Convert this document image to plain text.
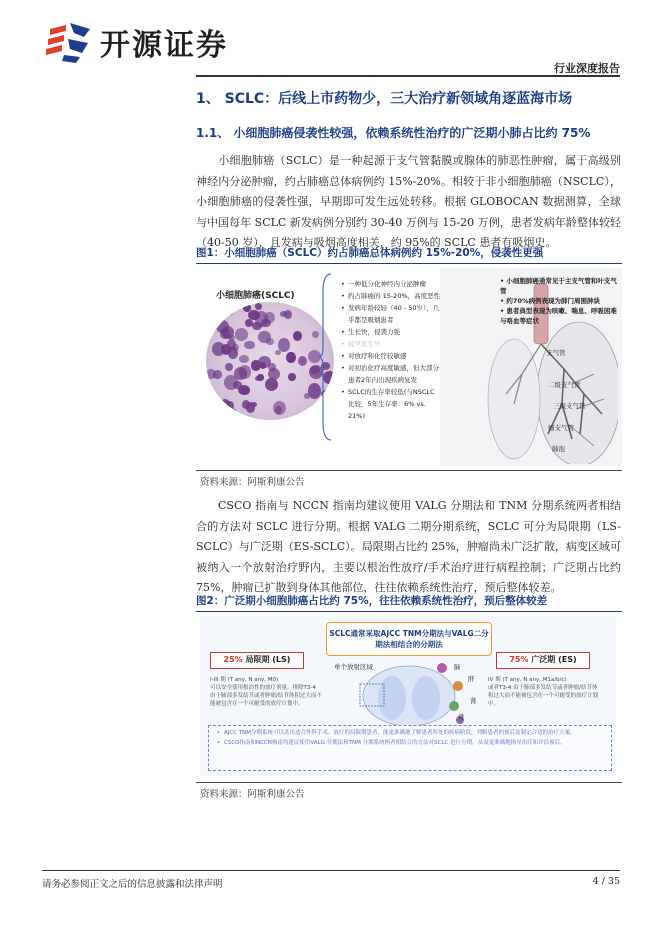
开源证券
行业深度报告
1、 SCLC：后线上市药物少，三大治疗新领域角逐蓝海市场
1.1、 小细胞肺癌侵袭性较强，依赖系统性治疗的广泛期小肺占比约 75%
小细胞肺癌（SCLC）是一种起源于支气管黏膜或腺体的肺恶性肿瘤，属于高级别神经内分泌肿瘤，约占肺癌总体病例约 15%-20%。相较于非小细胞肺癌（NSCLC），小细胞肺癌的侵袭性强，早期即可发生远处转移。根据 GLOBOCAN 数据测算，全球与中国每年 SCLC 新发病例分别约 30-40 万例与 15-20 万例，患者发病年龄整体较轻（40-50 岁），且发病与吸烟高度相关，约 95%的 SCLC 患者有吸烟史。
图1：小细胞肺癌（SCLC）约占肺癌总体病例约 15%-20%，侵袭性更强
小细胞肺癌(SCLC)
• 一种低分化神经内分泌肿瘤
• 约占肺癌的 15-20%，高度恶性
• 发病年龄较轻（40 - 50岁），几乎都是吸烟患者
• 生长快，侵袭力强
• 较早发生早
• 对放疗和化疗较敏感
• 对初治化疗高度敏感，但大部分患者2年内出现疾病复发
• SCLC的生存率较低(与NSCLC比较，5年生存率：6% vs. 21%)
• 小细胞肺癌通常见于主支气管和叶支气管
• 约70%病例表现为肺门周围肿块
• 患者典型表现为咳嗽、喘息、呼吸困难与咯血等症状
支气管
二级支气管
三级支气管
细支气管
肺泡
资料来源：阿斯利康公告
CSCO 指南与 NCCN 指南均建议使用 VALG 分期法和 TNM 分期系统两者相结合的方法对 SCLC 进行分期。根据 VALG 二期分期系统，SCLC 可分为局限期（LS-SCLC）与广泛期（ES-SCLC）。局限期占比约 25%，肿瘤尚未广泛扩散，病变区域可被纳入一个放射治疗野内，主要以根治性放疗/手术治疗进行病程控制；广泛期占比约 75%，肿瘤已扩散到身体其他部位，往往依赖系统性治疗，预后整体较差。
图2：广泛期小细胞肺癌占比约 75%，往往依赖系统性治疗，预后整体较差
SCLC通常采取AJCC TNM分期法与VALG二分期法相结合的分期法
25% 局限期 (LS)	75% 广泛期 (ES)
I-III 期 (T any, N any, M0)
可以安全使用根治性的放疗剂量。排除T3-4 由于肺部多发结节或者肿瘤/结节体积过大而不能被包含在一个可耐受的放疗计划中。
IV 期 (T any, N any, M1a/b/c)
或者T3-4 由于肺部多发结节或者肿瘤/结节体积过大而不能被包含在一个可耐受的放疗计划中。
单个放射区域	脑
肝
骨
肾
• AJCC TNM分期系统可以选出适合外科手术、放疗的局限期患者，能更准确地了解患者所处的疾病阶段，判断患者的预后及制定合适的治疗方案。
• CSCO指南和NCCN指南均建议使用VALG 分期法和TNM 分期系统两者相结合的方法对SCLC 进行分期，从而更准确地指导治疗和评估预后。
资料来源：阿斯利康公告
请务必参阅正文之后的信息披露和法律声明	4 / 35
